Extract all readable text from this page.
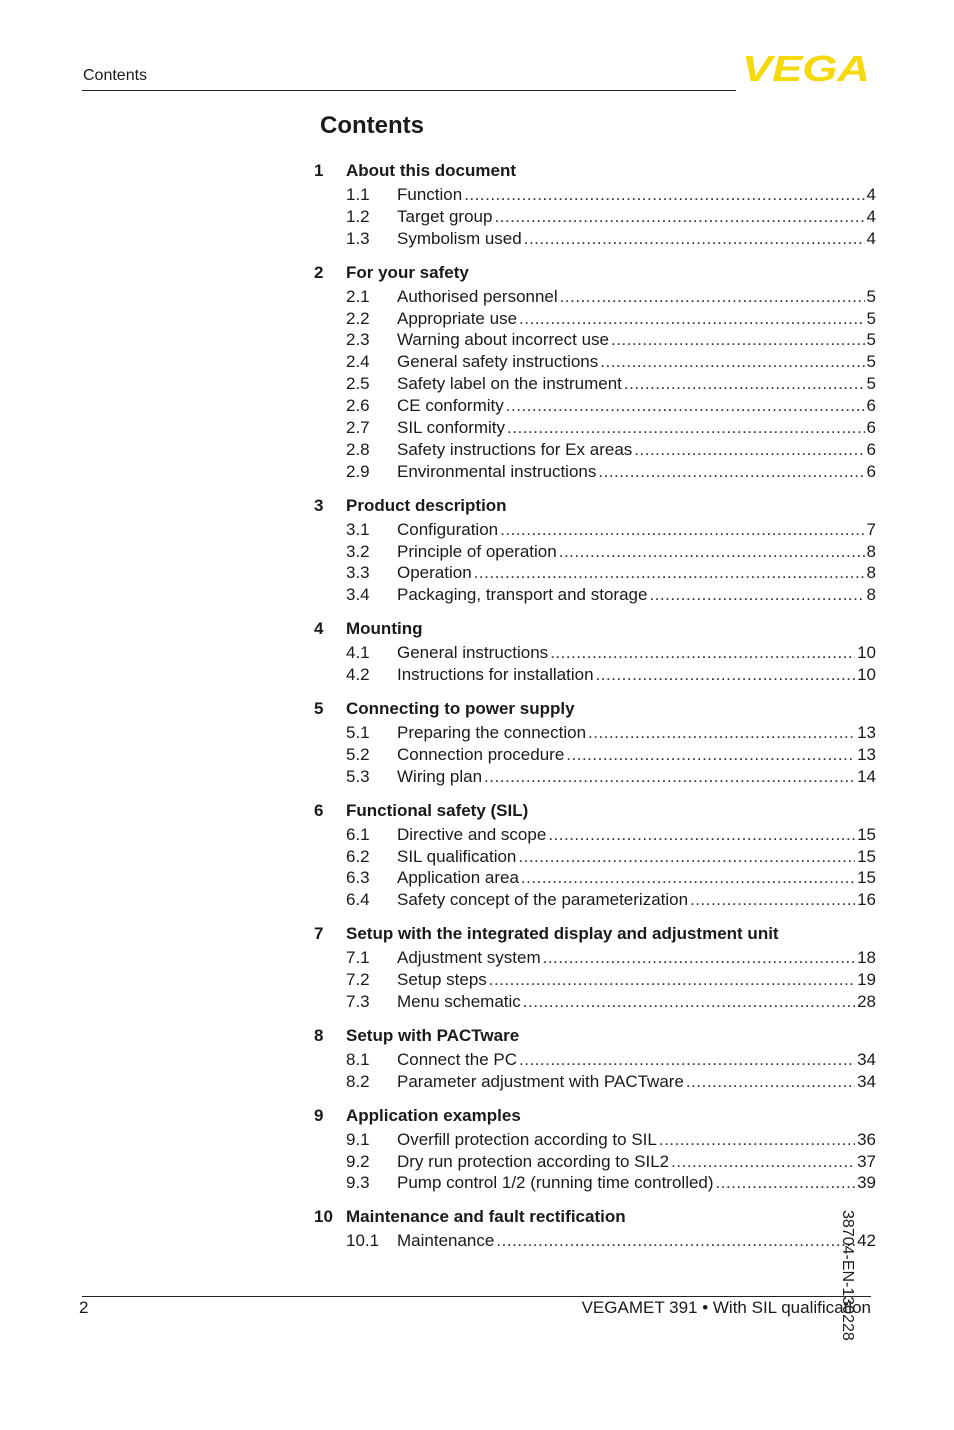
Contents	VEGA
Contents
1	About this document
1.1	Function .....	4
1.2	Target group .....	4
1.3	Symbolism used .....	4
2	For your safety
2.1	Authorised personnel .....	5
2.2	Appropriate use .....	5
2.3	Warning about incorrect use .....	5
2.4	General safety instructions .....	5
2.5	Safety label on the instrument .....	5
2.6	CE conformity .....	6
2.7	SIL conformity .....	6
2.8	Safety instructions for Ex areas .....	6
2.9	Environmental instructions .....	6
3	Product description
3.1	Configuration .....	7
3.2	Principle of operation .....	8
3.3	Operation .....	8
3.4	Packaging, transport and storage .....	8
4	Mounting
4.1	General instructions .....	10
4.2	Instructions for installation .....	10
5	Connecting to power supply
5.1	Preparing the connection .....	13
5.2	Connection procedure .....	13
5.3	Wiring plan .....	14
6	Functional safety (SIL)
6.1	Directive and scope .....	15
6.2	SIL qualification .....	15
6.3	Application area .....	15
6.4	Safety concept of the parameterization .....	16
7	Setup with the integrated display and adjustment unit
7.1	Adjustment system .....	18
7.2	Setup steps .....	19
7.3	Menu schematic .....	28
8	Setup with PACTware
8.1	Connect the PC .....	34
8.2	Parameter adjustment with PACTware .....	34
9	Application examples
9.1	Overfill protection according to SIL .....	36
9.2	Dry run protection according to SIL2 .....	37
9.3	Pump control 1/2 (running time controlled) .....	39
10 Maintenance and fault rectification
10.1	Maintenance .....	42
38704-EN-130228
2	VEGAMET 391 • With SIL qualification
